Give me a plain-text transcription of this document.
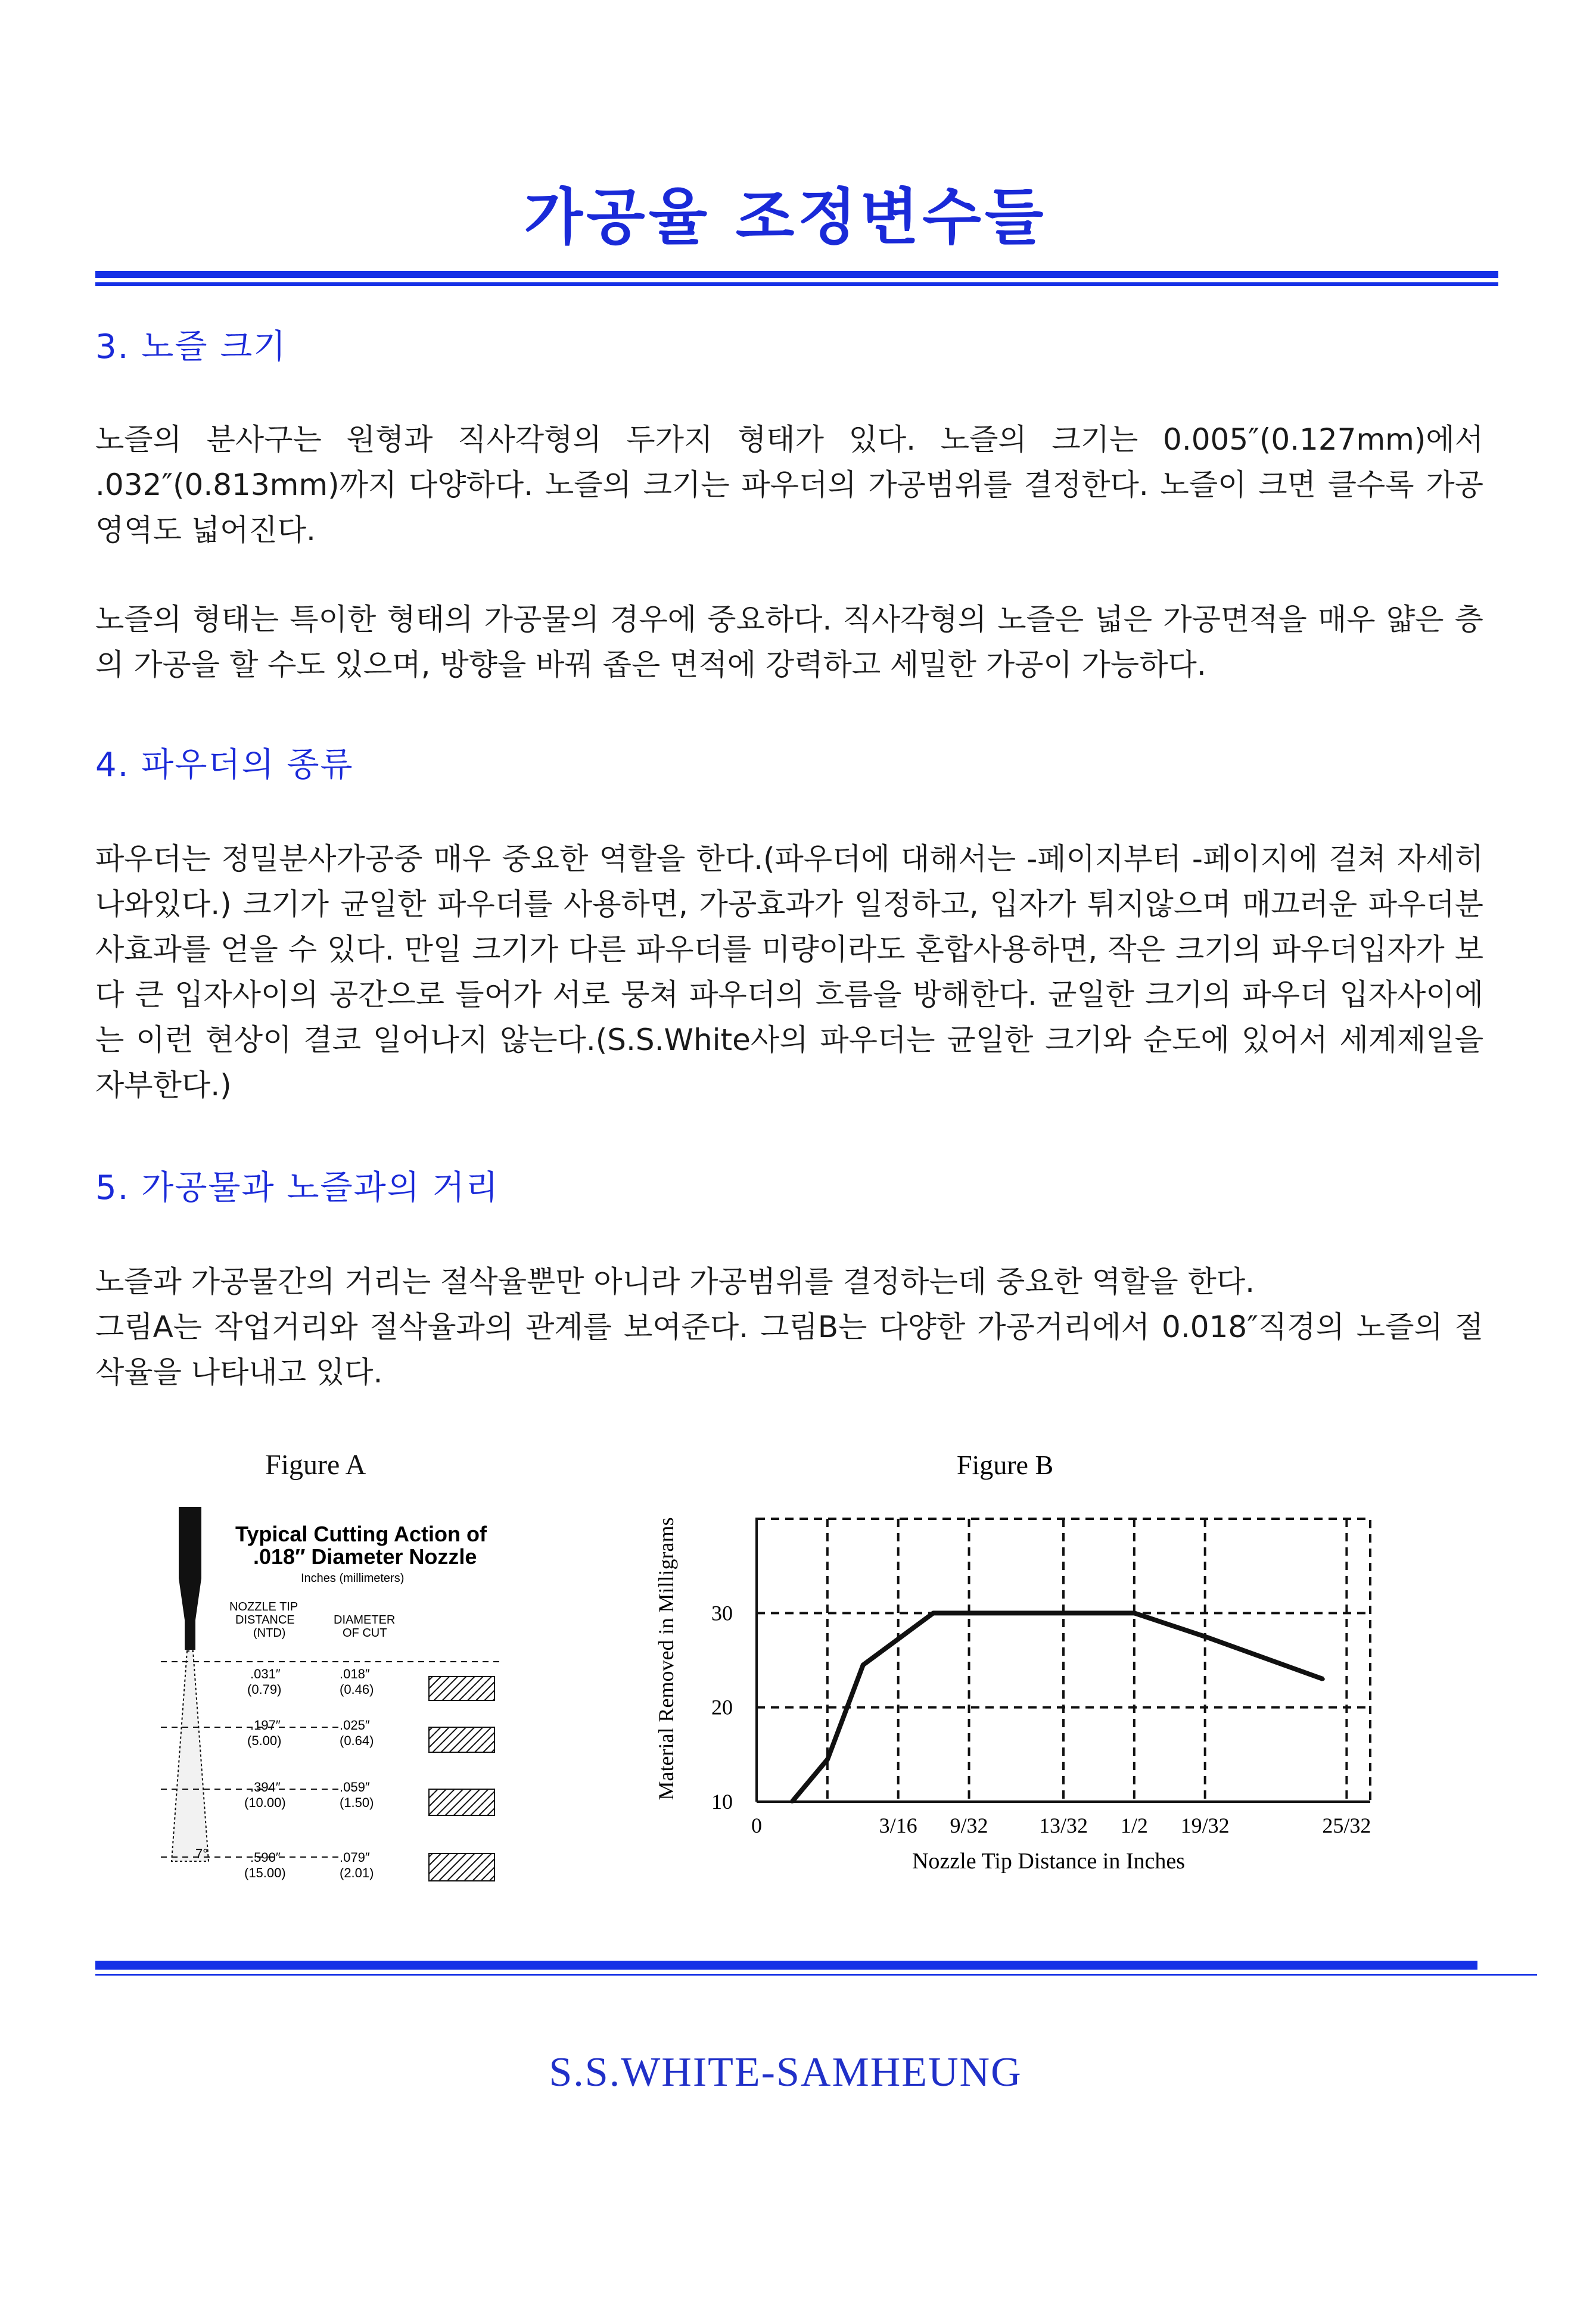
가공율 조정변수들
3. 노즐 크기
노즐의 분사구는 원형과 직사각형의 두가지 형태가 있다. 노즐의 크기는 0.005″(0.127mm)에서 .032″(0.813mm)까지 다양하다. 노즐의 크기는 파우더의 가공범위를 결정한다. 노즐이 크면 클수록 가공영역도 넓어진다.
노즐의 형태는 특이한 형태의 가공물의 경우에 중요하다. 직사각형의 노즐은 넓은 가공면적을 매우 얇은 층의 가공을 할 수도 있으며, 방향을 바꿔 좁은 면적에 강력하고 세밀한 가공이 가능하다.
4. 파우더의 종류
파우더는 정밀분사가공중 매우 중요한 역할을 한다.(파우더에 대해서는 -페이지부터 -페이지에 걸쳐 자세히 나와있다.) 크기가 균일한 파우더를 사용하면, 가공효과가 일정하고, 입자가 튀지않으며 매끄러운 파우더분사효과를 얻을 수 있다. 만일 크기가 다른 파우더를 미량이라도 혼합사용하면, 작은 크기의 파우더입자가 보다 큰 입자사이의 공간으로 들어가 서로 뭉쳐 파우더의 흐름을 방해한다. 균일한 크기의 파우더 입자사이에는 이런 현상이 결코 일어나지 않는다.(S.S.White사의 파우더는 균일한 크기와 순도에 있어서 세계제일을 자부한다.)
5. 가공물과 노즐과의 거리
노즐과 가공물간의 거리는 절삭율뿐만 아니라 가공범위를 결정하는데 중요한 역할을 한다.
그림A는 작업거리와 절삭율과의 관계를 보여준다. 그림B는 다양한 가공거리에서 0.018″직경의 노즐의 절삭율을 나타내고 있다.
Figure A
Typical Cutting Action of
.018″ Diameter Nozzle
Inches (millimeters)
NOZZLE TIP
DISTANCE
(NTD)
DIAMETER
OF CUT
7°
.031″
(0.79)
.018″
(0.46)
.197″
(5.00)
.025″
(0.64)
.394″
(10.00)
.059″
(1.50)
.590″
(15.00)
.079″
(2.01)
Figure B
Material Removed in Milligrams
Nozzle Tip Distance in Inches
0	3/16 9/32 13/32 1/2 19/32	25/32
10
20
30
S.S.WHITE-SAMHEUNG
